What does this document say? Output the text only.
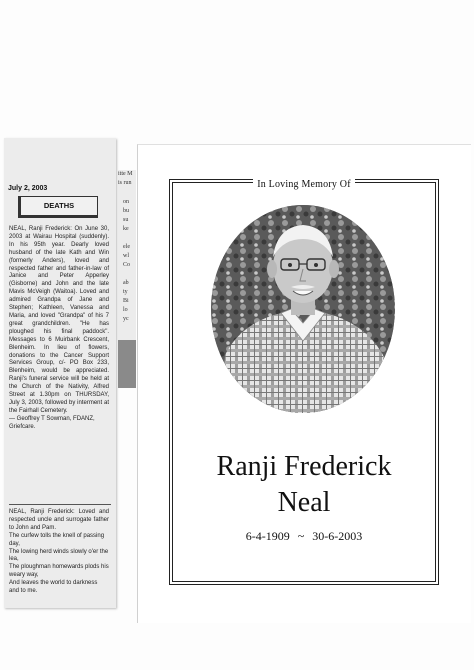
July 2, 2003
DEATHS
NEAL, Ranji Frederick: On June 30, 2003 at Wairau Hospital (suddenly). In his 95th year. Dearly loved husband of the late Kath and Win (formerly Anders), loved and respected father and father-in-law of Janice and Peter Apperley (Gisborne) and John and the late Mavis McVeigh (Waitoa). Loved and admired Grandpa of Jane and Stephen; Kathleen, Vanessa and Maria, and loved "Grandpa" of his 7 great grandchildren. "He has ploughed his final paddock". Messages to 6 Muirbank Crescent, Blenheim. In lieu of flowers, donations to the Cancer Support Services Group, c/- PO Box 233, Blenheim, would be appreciated. Ranji's funeral service will be held at the Church of the Nativity, Alfred Street at 1.30pm on THURSDAY, July 3, 2003, followed by interment at the Fairhall Cemetery.
— Geoffrey T Sowman, FDANZ, Griefcare.
NEAL, Ranji Frederick: Loved and respected uncle and surrogate father to John and Pam.
The curfew tolls the knell of passing day,
The lowing herd winds slowly o'er the lea,
The ploughman homewards plods his weary way,
And leaves the world to darkness and to me.
itte M
is run
on
bu
su
ke
ele
wl
Co
ab
ty
Bi
lo
yc
In Loving Memory Of
Ranji Frederick
Neal
6-4-1909 ~ 30-6-2003
